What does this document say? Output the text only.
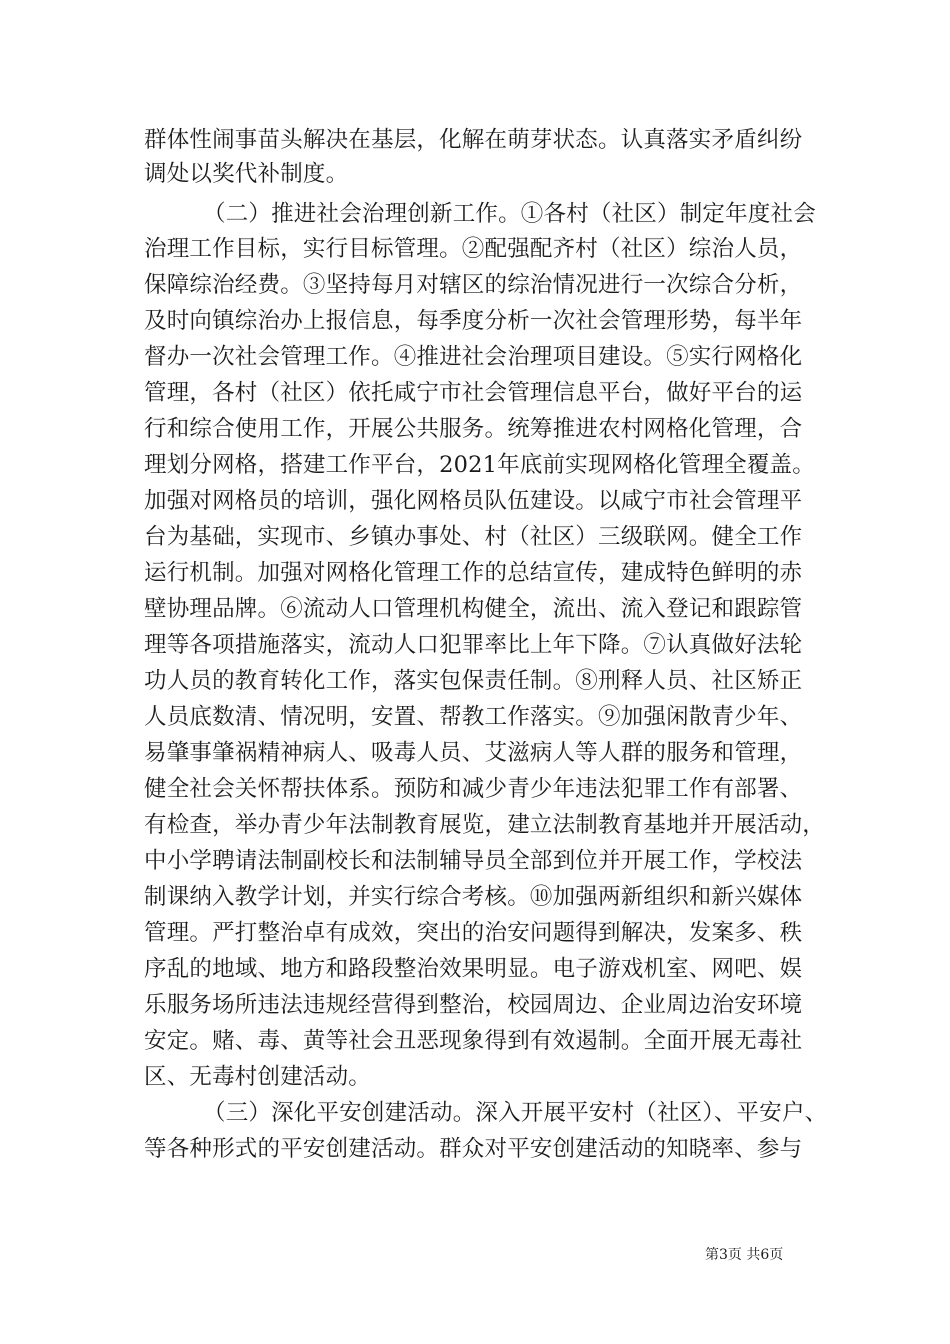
群体性闹事苗头解决在基层，化解在萌芽状态。认真落实矛盾纠纷
调处以奖代补制度。
（二）推进社会治理创新工作。①各村（社区）制定年度社会
治理工作目标，实行目标管理。②配强配齐村（社区）综治人员，
保障综治经费。③坚持每月对辖区的综治情况进行一次综合分析，
及时向镇综治办上报信息，每季度分析一次社会管理形势，每半年
督办一次社会管理工作。④推进社会治理项目建设。⑤实行网格化
管理，各村（社区）依托咸宁市社会管理信息平台，做好平台的运
行和综合使用工作，开展公共服务。统筹推进农村网格化管理，合
理划分网格，搭建工作平台，2021年底前实现网格化管理全覆盖。
加强对网格员的培训，强化网格员队伍建设。以咸宁市社会管理平
台为基础，实现市、乡镇办事处、村（社区）三级联网。健全工作
运行机制。加强对网格化管理工作的总结宣传，建成特色鲜明的赤
壁协理品牌。⑥流动人口管理机构健全，流出、流入登记和跟踪管
理等各项措施落实，流动人口犯罪率比上年下降。⑦认真做好法轮
功人员的教育转化工作，落实包保责任制。⑧刑释人员、社区矫正
人员底数清、情况明，安置、帮教工作落实。⑨加强闲散青少年、
易肇事肇祸精神病人、吸毒人员、艾滋病人等人群的服务和管理，
健全社会关怀帮扶体系。预防和减少青少年违法犯罪工作有部署、
有检查，举办青少年法制教育展览，建立法制教育基地并开展活动，
中小学聘请法制副校长和法制辅导员全部到位并开展工作，学校法
制课纳入教学计划，并实行综合考核。⑩加强两新组织和新兴媒体
管理。严打整治卓有成效，突出的治安问题得到解决，发案多、秩
序乱的地域、地方和路段整治效果明显。电子游戏机室、网吧、娱
乐服务场所违法违规经营得到整治，校园周边、企业周边治安环境
安定。赌、毒、黄等社会丑恶现象得到有效遏制。全面开展无毒社
区、无毒村创建活动。
（三）深化平安创建活动。深入开展平安村（社区）、平安户、
等各种形式的平安创建活动。群众对平安创建活动的知晓率、参与
第3页 共6页
